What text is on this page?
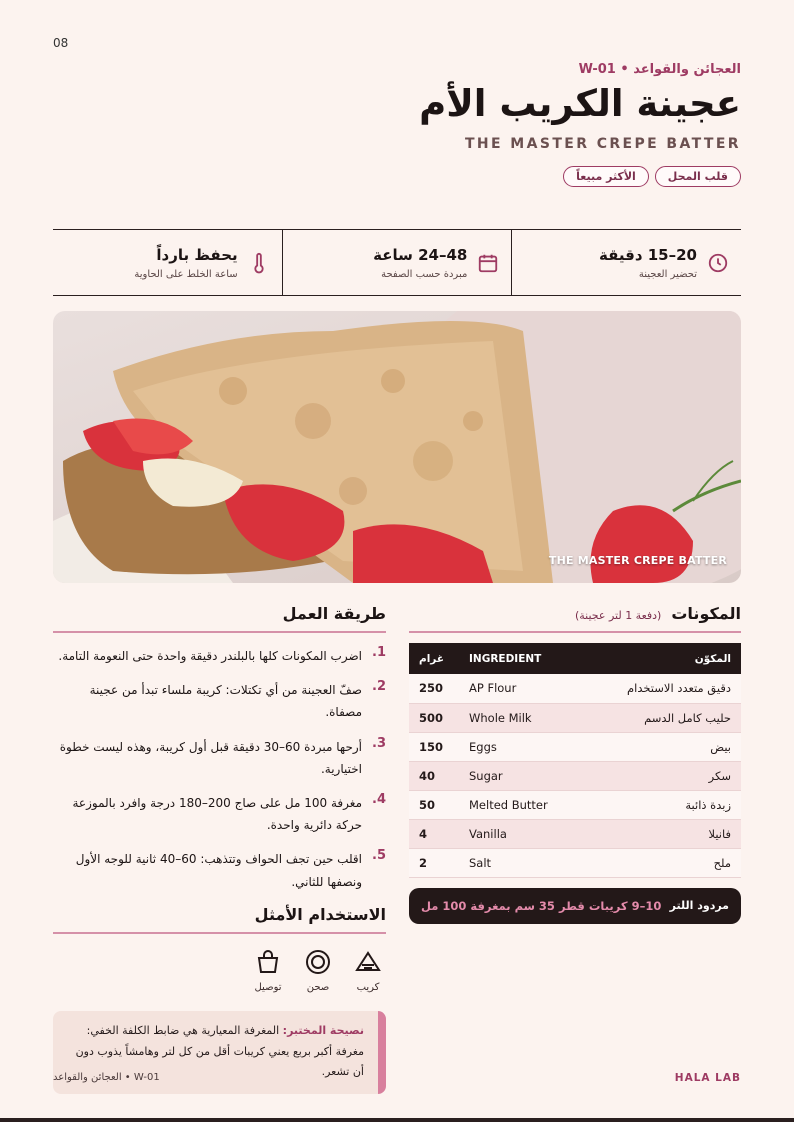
08
العجائن والقواعد • W-01
عجينة الكريب الأم
THE MASTER CREPE BATTER
قلب المحل
الأكثر مبيعاً
20–15 دقيقة
تحضير العجينة
48–24 ساعة
مبردة حسب الصفحة
يحفظ بارداً
ساعة الخلط على الحاوية
THE MASTER CREPE BATTER
المكونات
(دفعة 1 لتر عجينة)
المكوّن	INGREDIENT	غرام
دقيق متعدد الاستخدام	AP Flour	250
حليب كامل الدسم	Whole Milk	500
بيض	Eggs	150
سكر	Sugar	40
زبدة ذائبة	Melted Butter	50
فانيلا	Vanilla	4
ملح	Salt	2
مردود اللتر
10–9 كريبات قطر 35 سم بمغرفة 100 مل
طريقة العمل
1.
اضرب المكونات كلها بالبلندر دقيقة واحدة حتى النعومة التامة.
2.
صفّ العجينة من أي تكتلات: كريبة ملساء تبدأ من عجينة مصفاة.
3.
أرحها مبردة 60–30 دقيقة قبل أول كريبة، وهذه ليست خطوة اختيارية.
4.
مغرفة 100 مل على صاج 200–180 درجة وافرد بالموزعة حركة دائرية واحدة.
5.
اقلب حين تجف الحواف وتتذهب: 60–40 ثانية للوجه الأول ونصفها للثاني.
الاستخدام الأمثل
كريب
صحن
توصيل
نصيحة المختبر: المغرفة المعيارية هي ضابط الكلفة الخفي: مغرفة أكبر بربع يعني كريبات أقل من كل لتر وهامشاً يذوب دون أن تشعر.
العجائن والقواعد • W-01	HALA LAB
